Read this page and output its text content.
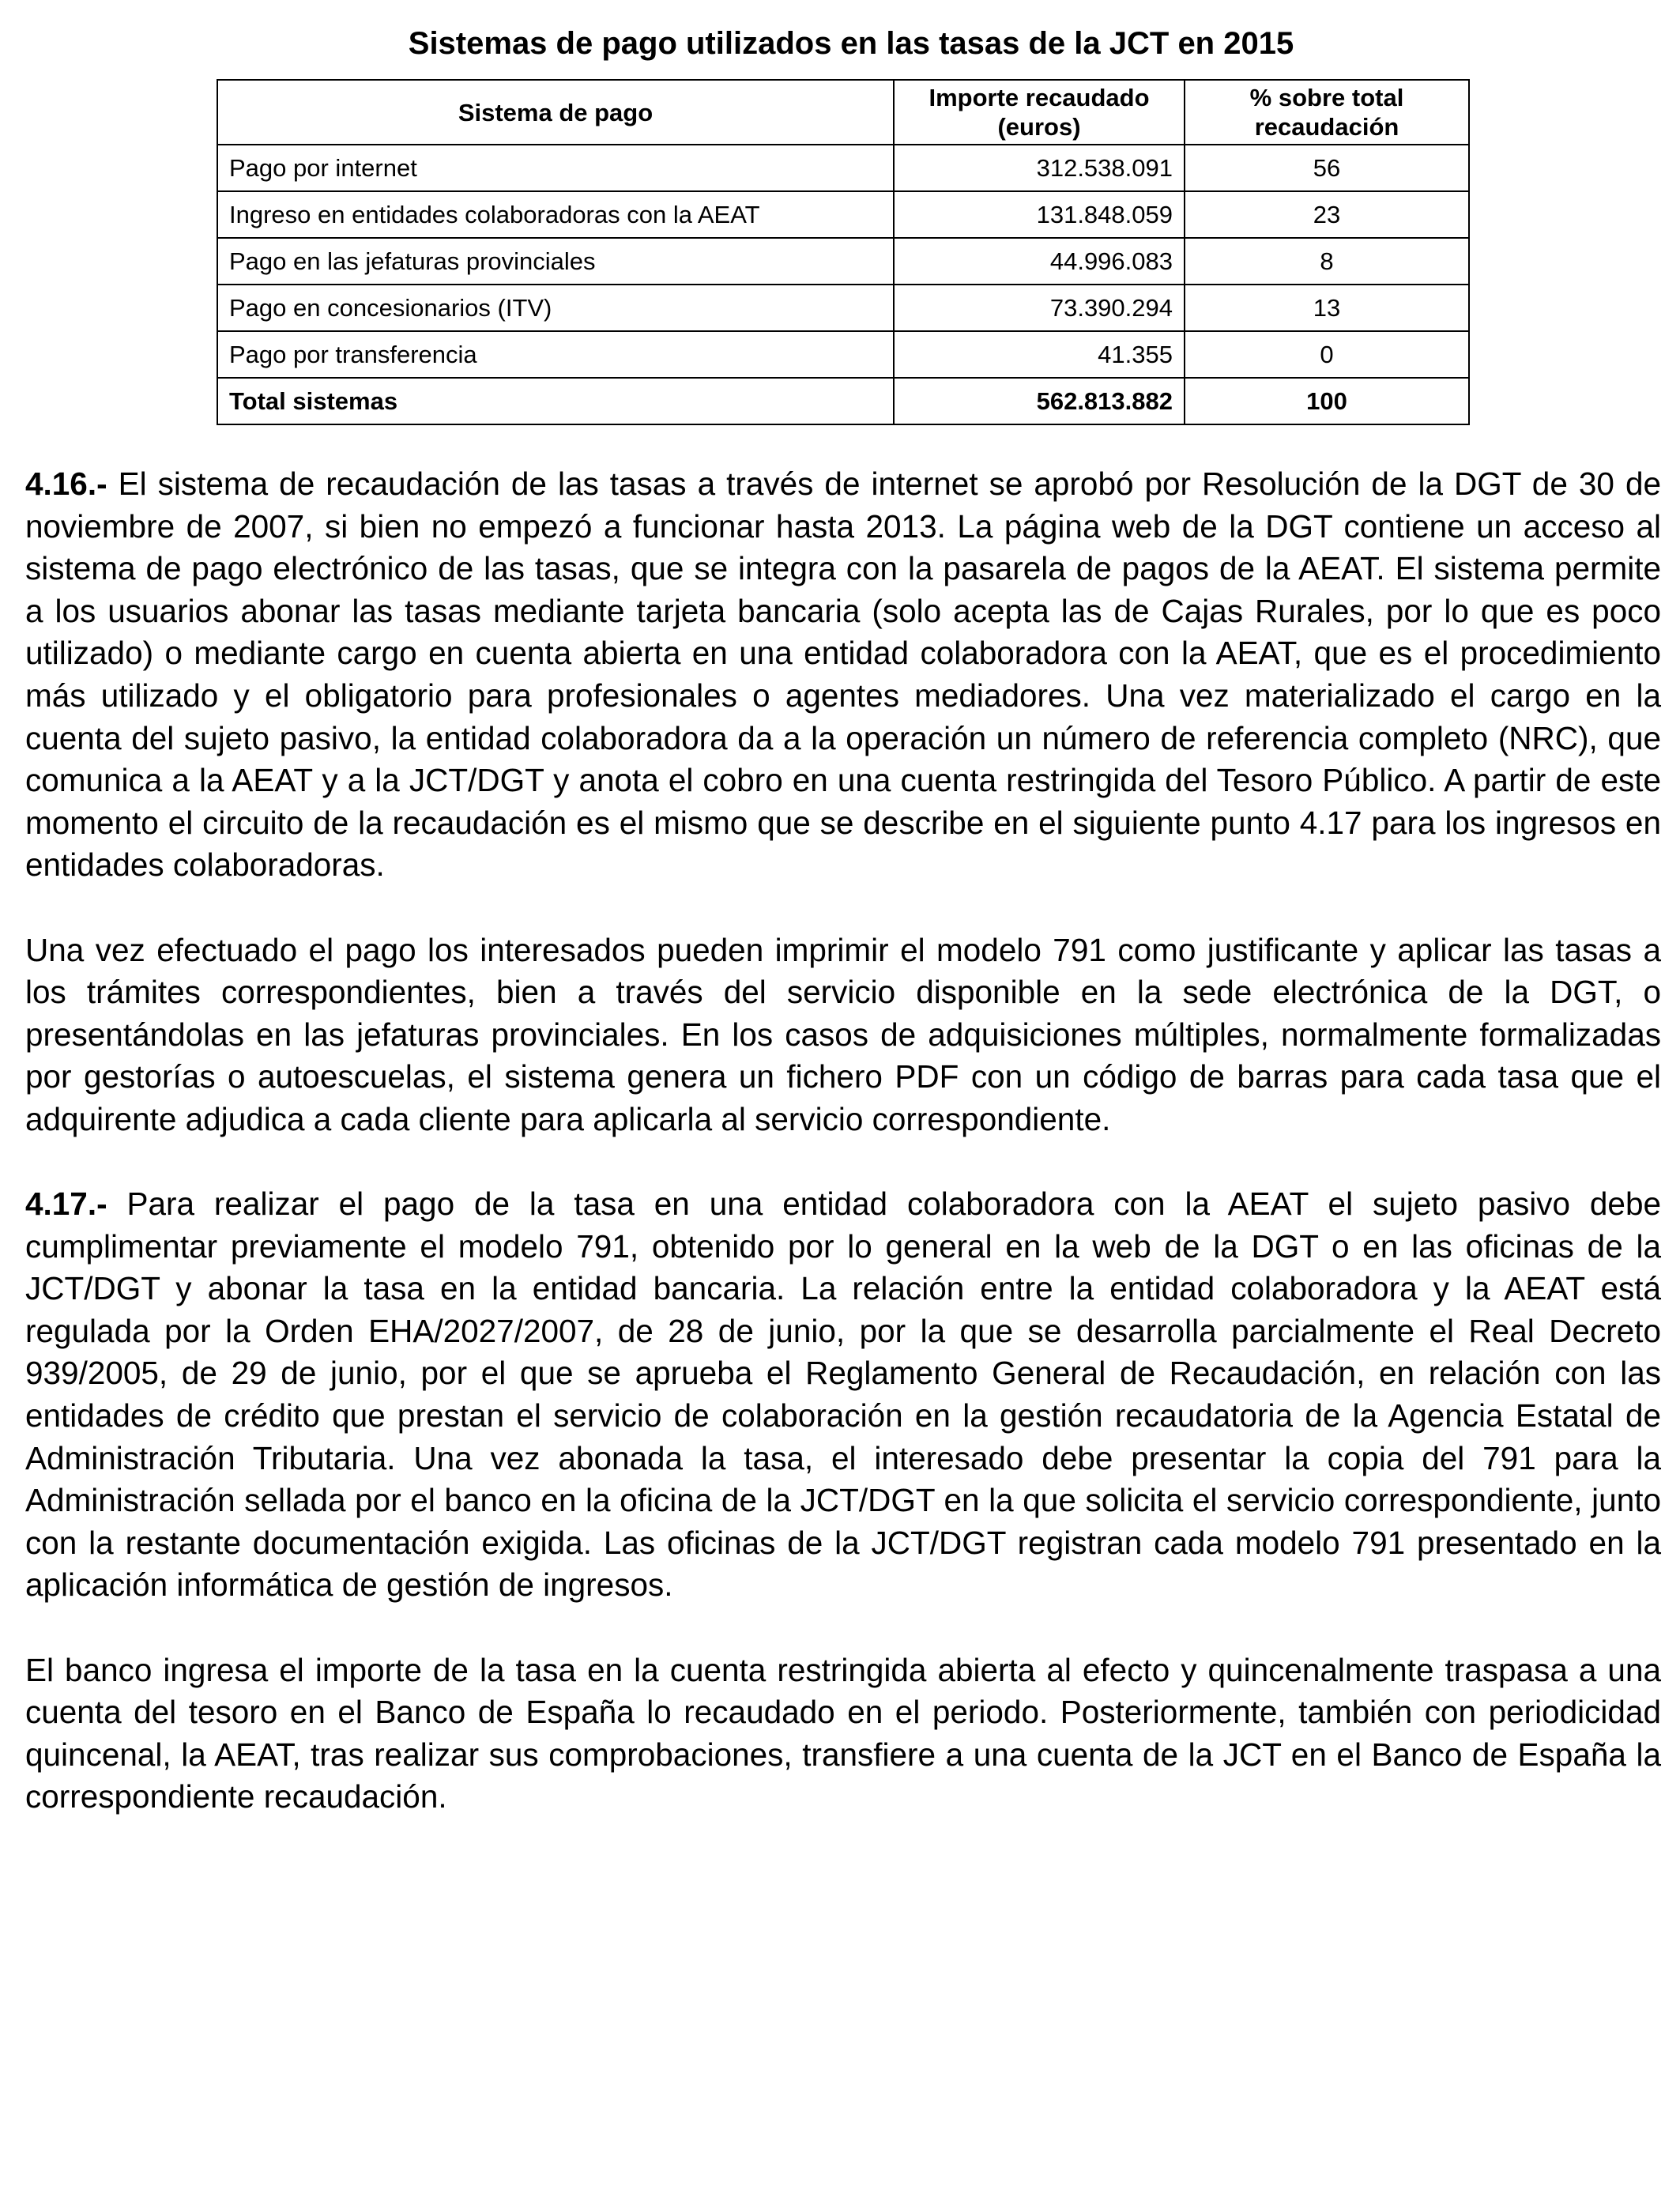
Sistemas de pago utilizados en las tasas de la JCT en 2015
Sistema de pago	Importe recaudado (euros)	% sobre total recaudación
Pago por internet	312.538.091	56
Ingreso en entidades colaboradoras con la AEAT	131.848.059	23
Pago en las jefaturas provinciales	44.996.083	8
Pago en concesionarios (ITV)	73.390.294	13
Pago por transferencia	41.355	0
Total sistemas	562.813.882	100

4.16.- El sistema de recaudación de las tasas a través de internet se aprobó por Resolución de la DGT de 30 de noviembre de 2007, si bien no empezó a funcionar hasta 2013. La página web de la DGT contiene un acceso al sistema de pago electrónico de las tasas, que se integra con la pasarela de pagos de la AEAT. El sistema permite a los usuarios abonar las tasas mediante tarjeta bancaria (solo acepta las de Cajas Rurales, por lo que es poco utilizado) o mediante cargo en cuenta abierta en una entidad colaboradora con la AEAT, que es el procedimiento más utilizado y el obligatorio para profesionales o agentes mediadores. Una vez materializado el cargo en la cuenta del sujeto pasivo, la entidad colaboradora da a la operación un número de referencia completo (NRC), que comunica a la AEAT y a la JCT/DGT y anota el cobro en una cuenta restringida del Tesoro Público. A partir de este momento el circuito de la recaudación es el mismo que se describe en el siguiente punto 4.17 para los ingresos en entidades colaboradoras.

Una vez efectuado el pago los interesados pueden imprimir el modelo 791 como justificante y aplicar las tasas a los trámites correspondientes, bien a través del servicio disponible en la sede electrónica de la DGT, o presentándolas en las jefaturas provinciales. En los casos de adquisiciones múltiples, normalmente formalizadas por gestorías o autoescuelas, el sistema genera un fichero PDF con un código de barras para cada tasa que el adquirente adjudica a cada cliente para aplicarla al servicio correspondiente.

4.17.- Para realizar el pago de la tasa en una entidad colaboradora con la AEAT el sujeto pasivo debe cumplimentar previamente el modelo 791, obtenido por lo general en la web de la DGT o en las oficinas de la JCT/DGT y abonar la tasa en la entidad bancaria. La relación entre la entidad colaboradora y la AEAT está regulada por la Orden EHA/2027/2007, de 28 de junio, por la que se desarrolla parcialmente el Real Decreto 939/2005, de 29 de junio, por el que se aprueba el Reglamento General de Recaudación, en relación con las entidades de crédito que prestan el servicio de colaboración en la gestión recaudatoria de la Agencia Estatal de Administración Tributaria. Una vez abonada la tasa, el interesado debe presentar la copia del 791 para la Administración sellada por el banco en la oficina de la JCT/DGT en la que solicita el servicio correspondiente, junto con la restante documentación exigida. Las oficinas de la JCT/DGT registran cada modelo 791 presentado en la aplicación informática de gestión de ingresos.

El banco ingresa el importe de la tasa en la cuenta restringida abierta al efecto y quincenalmente traspasa a una cuenta del tesoro en el Banco de España lo recaudado en el periodo. Posteriormente, también con periodicidad quincenal, la AEAT, tras realizar sus comprobaciones, transfiere a una cuenta de la JCT en el Banco de España la correspondiente recaudación.
